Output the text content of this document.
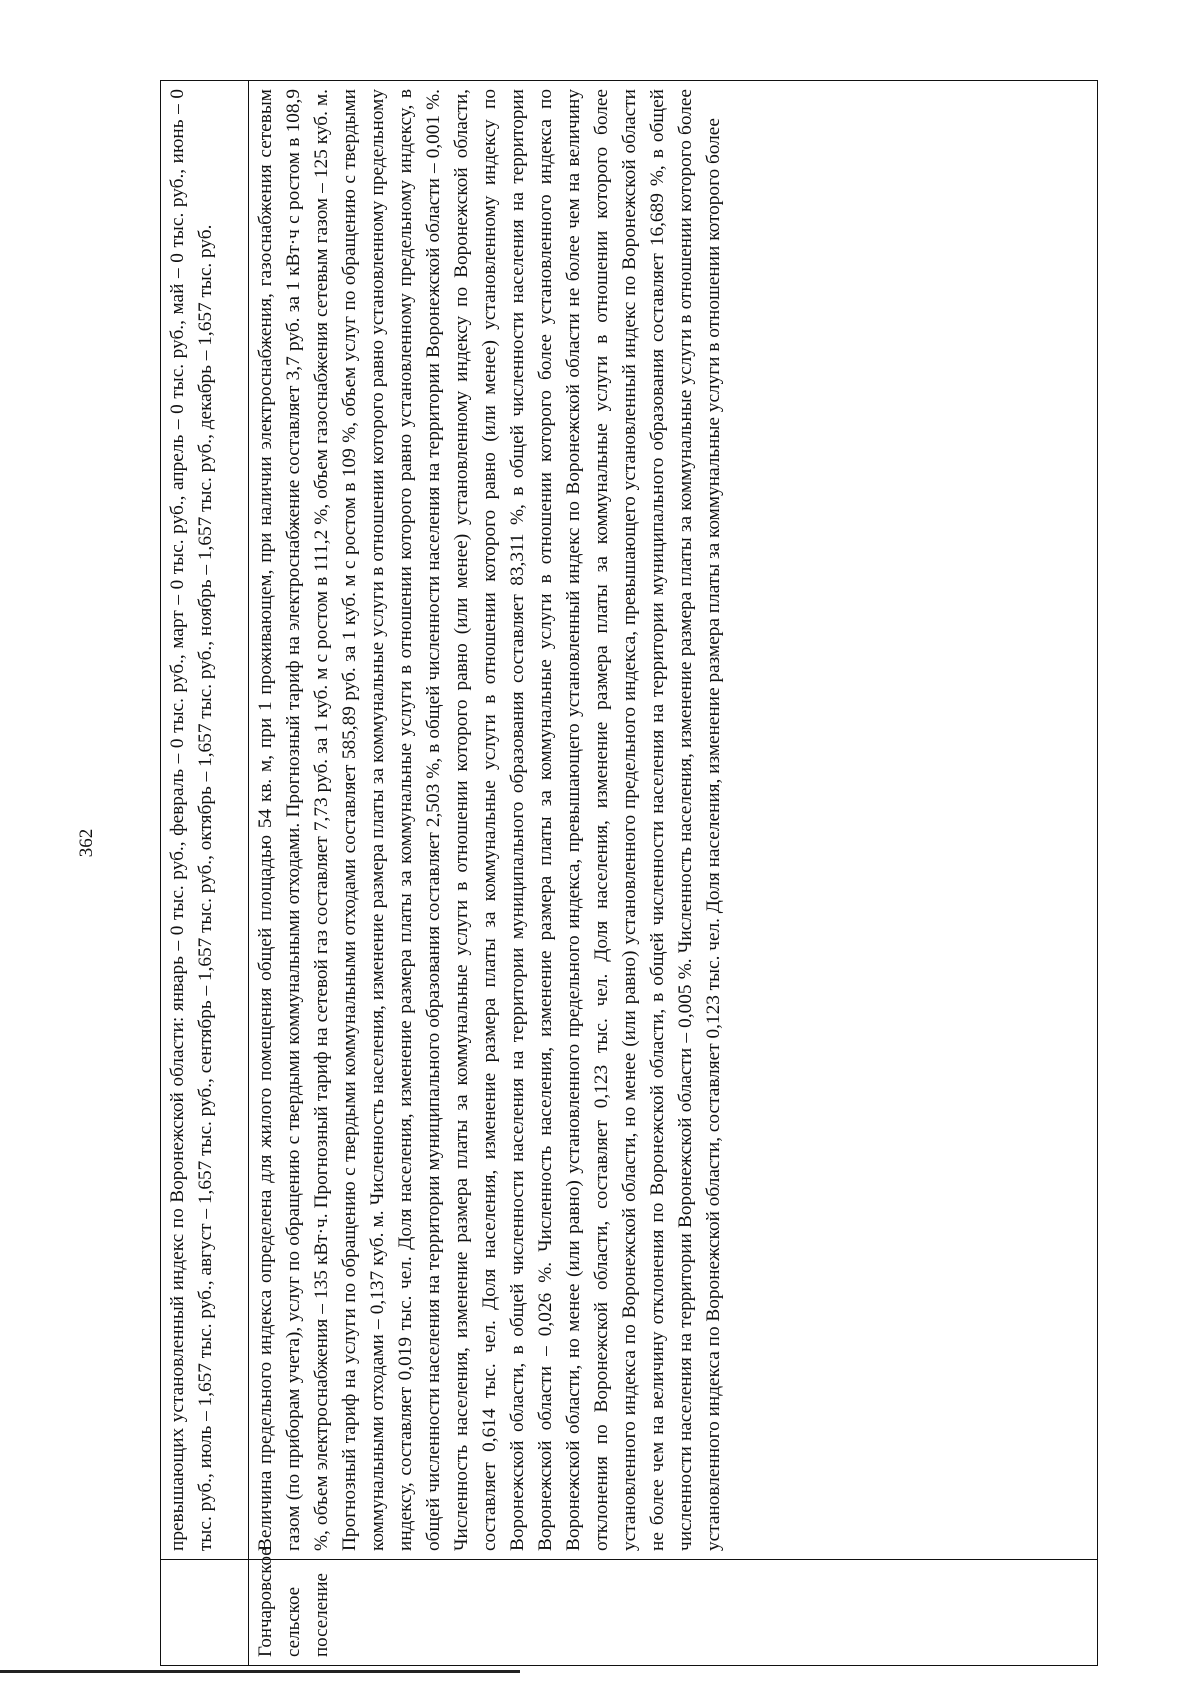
362
		превышающих установленный индекс по Воронежской области: январь – 0 тыс. руб., февраль – 0 тыс. руб., март – 0 тыс. руб., апрель – 0 тыс. руб., май – 0 тыс. руб., июнь – 0 тыс. руб., июль – 1,657 тыс. руб., август – 1,657 тыс. руб., сентябрь – 1,657 тыс. руб., октябрь – 1,657 тыс. руб., ноябрь – 1,657 тыс. руб., декабрь – 1,657 тыс. руб.
Гончаровское сельское поселение	Величина предельного индекса определена для жилого помещения общей площадью 54 кв. м, при 1 проживающем, при наличии электроснабжения, газоснабжения сетевым газом (по приборам учета), услуг по обращению с твердыми коммунальными отходами. Прогнозный тариф на электроснабжение составляет 3,7 руб. за 1 кВт·ч с ростом в 108,9 %, объем электроснабжения – 135 кВт·ч. Прогнозный тариф на сетевой газ составляет 7,73 руб. за 1 куб. м с ростом в 111,2 %, объем газоснабжения сетевым газом – 125 куб. м. Прогнозный тариф на услуги по обращению с твердыми коммунальными отходами составляет 585,89 руб. за 1 куб. м с ростом в 109 %, объем услуг по обращению с твердыми коммунальными отходами – 0,137 куб. м. Численность населения, изменение размера платы за коммунальные услуги в отношении которого равно установленному предельному индексу, составляет 0,019 тыс. чел. Доля населения, изменение размера платы за коммунальные услуги в отношении которого равно установленному предельному индексу, в общей численности населения на территории муниципального образования составляет 2,503 %, в общей численности населения на территории Воронежской области – 0,001 %. Численность населения, изменение размера платы за коммунальные услуги в отношении которого равно (или менее) установленному индексу по Воронежской области, составляет 0,614 тыс. чел. Доля населения, изменение размера платы за коммунальные услуги в отношении которого равно (или менее) установленному индексу по Воронежской области, в общей численности населения на территории муниципального образования составляет 83,311 %, в общей численности населения на территории Воронежской области – 0,026 %. Численность населения, изменение размера платы за коммунальные услуги в отношении которого более установленного индекса по Воронежской области, но менее (или равно) установленного предельного индекса, превышающего установленный индекс по Воронежской области не более чем на величину отклонения по Воронежской области, составляет 0,123 тыс. чел. Доля населения, изменение размера платы за коммунальные услуги в отношении которого более установленного индекса по Воронежской области, но менее (или равно) установленного предельного индекса, превышающего установленный индекс по Воронежской области не более чем на величину отклонения по Воронежской области, в общей численности населения на территории муниципального образования составляет 16,689 %, в общей численности населения на территории Воронежской области – 0,005 %. Численность населения, изменение размера платы за коммунальные услуги в отношении которого более установленного индекса по Воронежской области, составляет 0,123 тыс. чел. Доля населения, изменение размера платы за коммунальные услуги в отношении которого более
